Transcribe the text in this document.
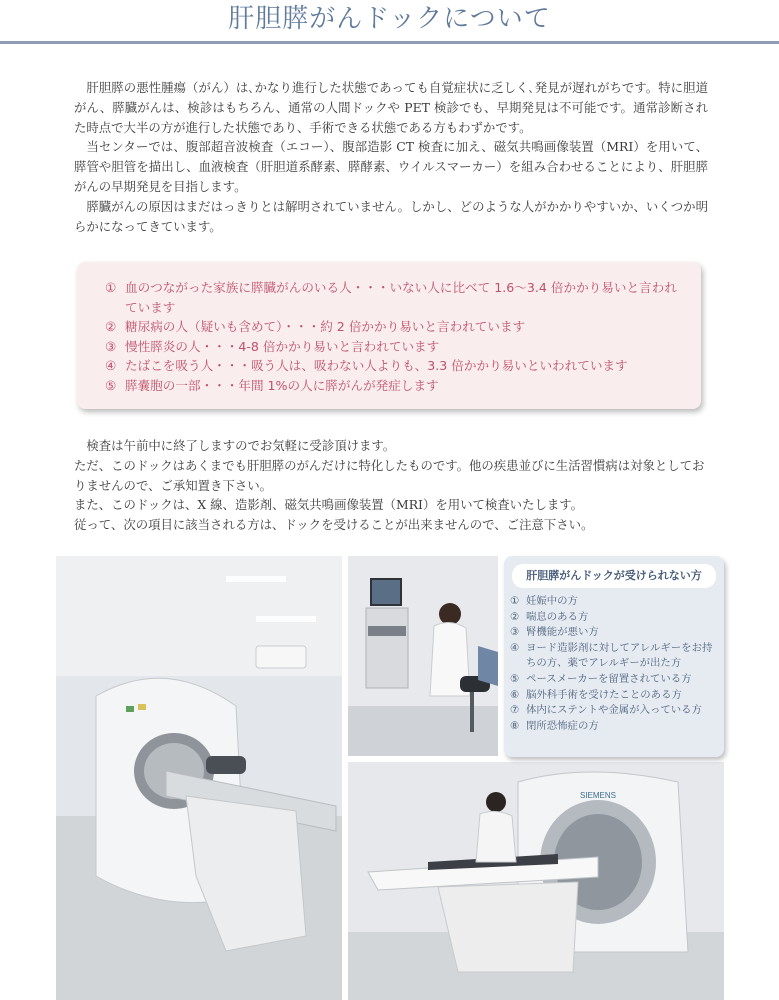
肝胆膵がんドックについて

肝胆膵の悪性腫瘍（がん）は､かなり進行した状態であっても自覚症状に乏しく､発見が遅れがちです。特に胆道がん、膵臓がんは、検診はもちろん、通常の人間ドックや PET 検診でも、早期発見は不可能です。通常診断された時点で大半の方が進行した状態であり、手術できる状態である方もわずかです。

当センターでは、腹部超音波検査（エコー）、腹部造影 CT 検査に加え、磁気共鳴画像装置（MRI）を用いて、膵管や胆管を描出し、血液検査（肝胆道系酵素、膵酵素、ウイルスマーカー）を組み合わせることにより、肝胆膵がんの早期発見を目指します。

膵臓がんの原因はまだはっきりとは解明されていません。しかし、どのような人がかかりやすいか、いくつか明らかになってきています。

① 血のつながった家族に膵臓がんのいる人・・・いない人に比べて 1.6～3.4 倍かかり易いと言われています
② 糖尿病の人（疑いも含めて）・・・約 2 倍かかり易いと言われています
③ 慢性膵炎の人・・・4-8 倍かかり易いと言われています
④ たばこを吸う人・・・吸う人は、吸わない人よりも、3.3 倍かかり易いといわれています
⑤ 膵嚢胞の一部・・・年間 1%の人に膵がんが発症します

検査は午前中に終了しますのでお気軽に受診頂けます。

ただ、このドックはあくまでも肝胆膵のがんだけに特化したものです。他の疾患並びに生活習慣病は対象としておりませんので、ご承知置き下さい。

また、このドックは、X 線、造影剤、磁気共鳴画像装置（MRI）を用いて検査いたします。

従って、次の項目に該当される方は、ドックを受けることが出来ませんので、ご注意下さい。

SIEMENS
肝胆膵がんドックが受けられない方
① 妊娠中の方
② 喘息のある方
③ 腎機能が悪い方
④ ヨード造影剤に対してアレルギーをお持ちの方、薬でアレルギーが出た方
⑤ ペースメーカーを留置されている方
⑥ 脳外科手術を受けたことのある方
⑦ 体内にステントや金属が入っている方
⑧ 閉所恐怖症の方
